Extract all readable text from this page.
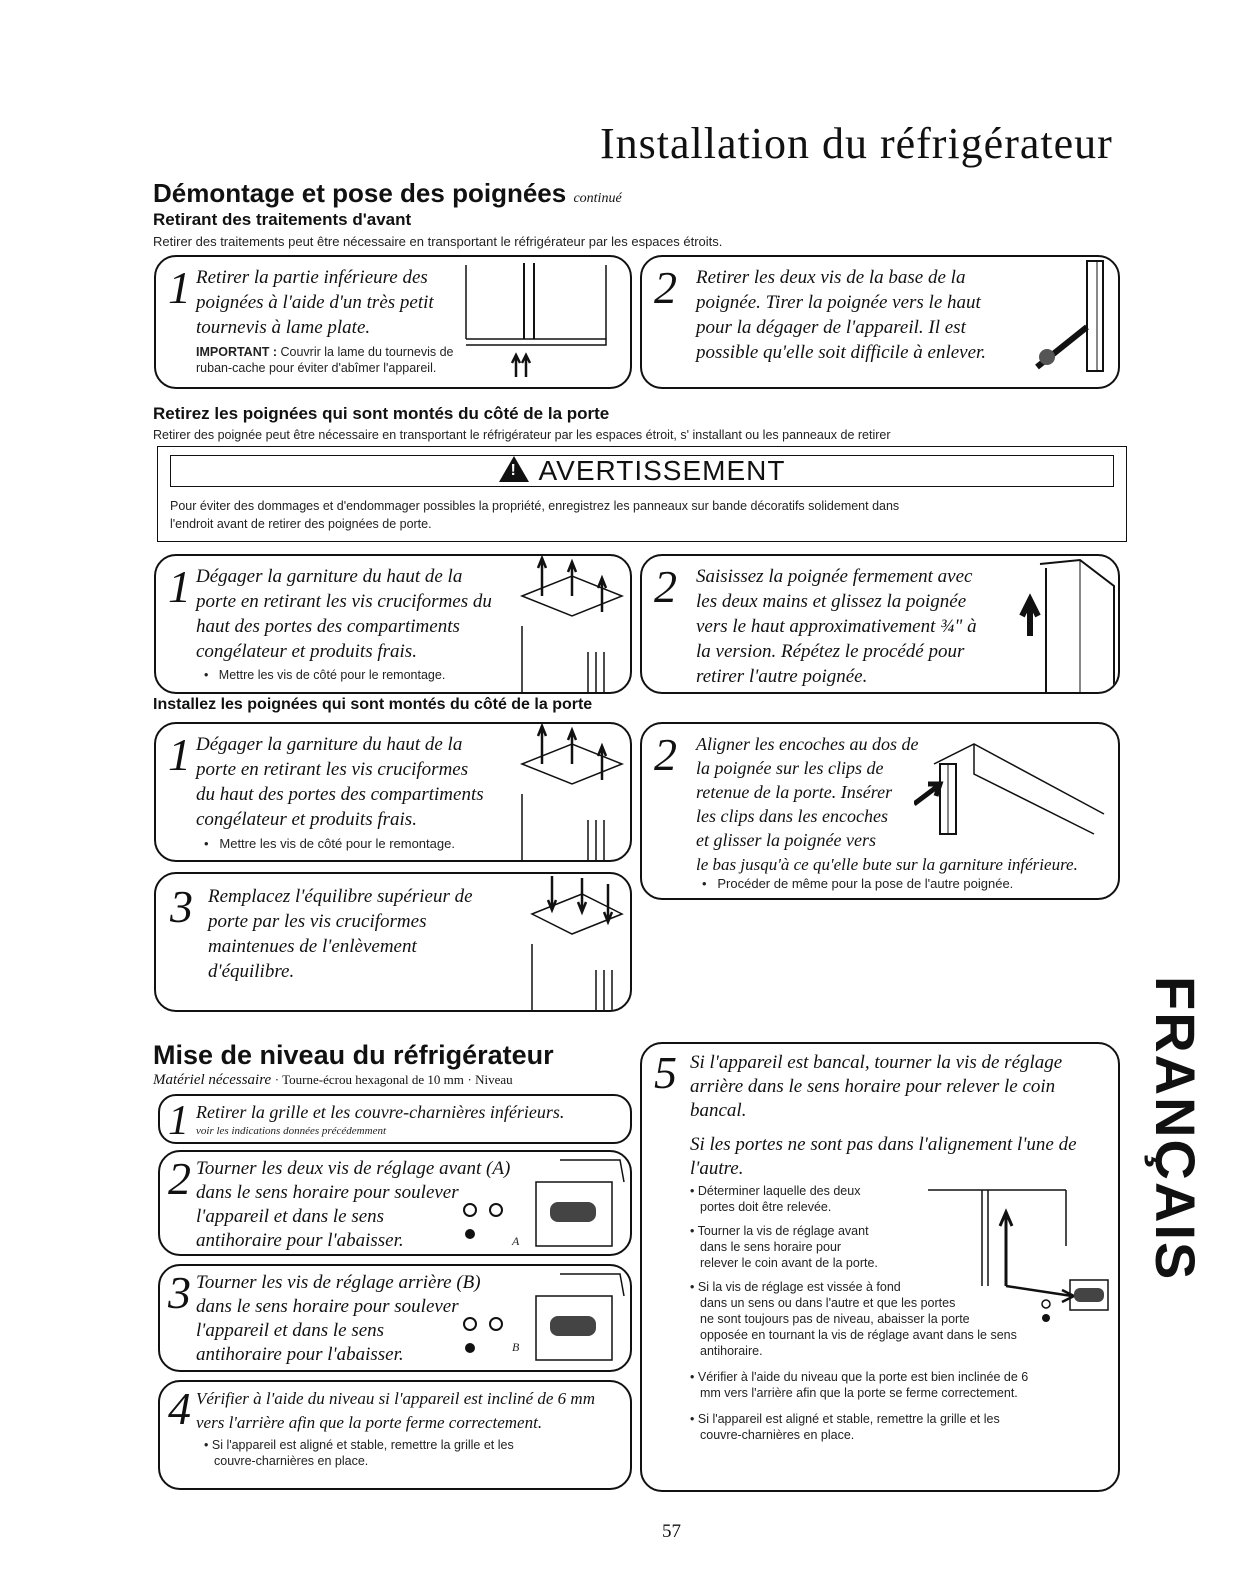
Installation du réfrigérateur
Démontage et pose des poignées continué
Retirant des traitements d'avant
Retirer des traitements peut être nécessaire en transportant le réfrigérateur par les espaces étroits.
1 Retirer la partie inférieure des
poignées à l'aide d'un très petit
tournevis à lame plate.
IMPORTANT : Couvrir la lame du tournevis de
ruban-cache pour éviter d'abîmer l'appareil.
2 Retirer les deux vis de la base de la
poignée. Tirer la poignée vers le haut
pour la dégager de l'appareil. Il est
possible qu'elle soit difficile à enlever.
Retirez les poignées qui sont montés du côté de la porte
Retirer des poignée peut être nécessaire en transportant le réfrigérateur par les espaces étroit, s' installant ou les panneaux de retirer
! AVERTISSEMENT
Pour éviter des dommages et d'endommager possibles la propriété, enregistrez les panneaux sur bande décoratifs solidement dans
l'endroit avant de retirer des poignées de porte.
1 Dégager la garniture du haut de la
porte en retirant les vis cruciformes du
haut des portes des compartiments
congélateur et produits frais.
•   Mettre les vis de côté pour le remontage.
2 Saisissez la poignée fermement avec
les deux mains et glissez la poignée
vers le haut approximativement ¾" à
la version. Répétez le procédé pour
retirer l'autre poignée.
Installez les poignées qui sont montés du côté de la porte
1 Dégager la garniture du haut de la
porte en retirant les vis cruciformes
du haut des portes des compartiments
congélateur et produits frais.
•   Mettre les vis de côté pour le remontage.
2 Aligner les encoches au dos de
la poignée sur les clips de
retenue de la porte. Insérer
les clips dans les encoches
et glisser la poignée vers
le bas jusqu'à ce qu'elle bute sur la garniture inférieure.
•   Procéder de même pour la pose de l'autre poignée.
3 Remplacez l'équilibre supérieur de
porte par les vis cruciformes
maintenues de l'enlèvement
d'équilibre.
Mise de niveau du réfrigérateur
Matériel nécessaire · Tourne-écrou hexagonal de 10 mm · Niveau
1 Retirer la grille et les couvre-charnières inférieurs.
voir les indications données précédemment
2 Tourner les deux vis de réglage avant (A)
dans le sens horaire pour soulever
l'appareil et dans le sens
antihoraire pour l'abaisser.	A
3 Tourner les vis de réglage arrière (B)
dans le sens horaire pour soulever
l'appareil et dans le sens
antihoraire pour l'abaisser.	B
4 Vérifier à l'aide du niveau si l'appareil est incliné de 6 mm
vers l'arrière afin que la porte ferme correctement.
• Si l'appareil est aligné et stable, remettre la grille et les
couvre-charnières en place.
5 Si l'appareil est bancal, tourner la vis de réglage
arrière dans le sens horaire pour relever le coin
bancal.
Si les portes ne sont pas dans l'alignement l'une de
l'autre.
• Déterminer laquelle des deux
portes doit être relevée.
• Tourner la vis de réglage avant
dans le sens horaire pour
relever le coin avant de la porte.
• Si la vis de réglage est vissée à fond
dans un sens ou dans l'autre et que les portes
ne sont toujours pas de niveau, abaisser la porte
opposée en tournant la vis de réglage avant dans le sens
antihoraire.
• Vérifier à l'aide du niveau que la porte est bien inclinée de 6
mm vers l'arrière afin que la porte se ferme correctement.
• Si l'appareil est aligné et stable, remettre la grille et les
couvre-charnières en place.
FRANÇAIS
57
